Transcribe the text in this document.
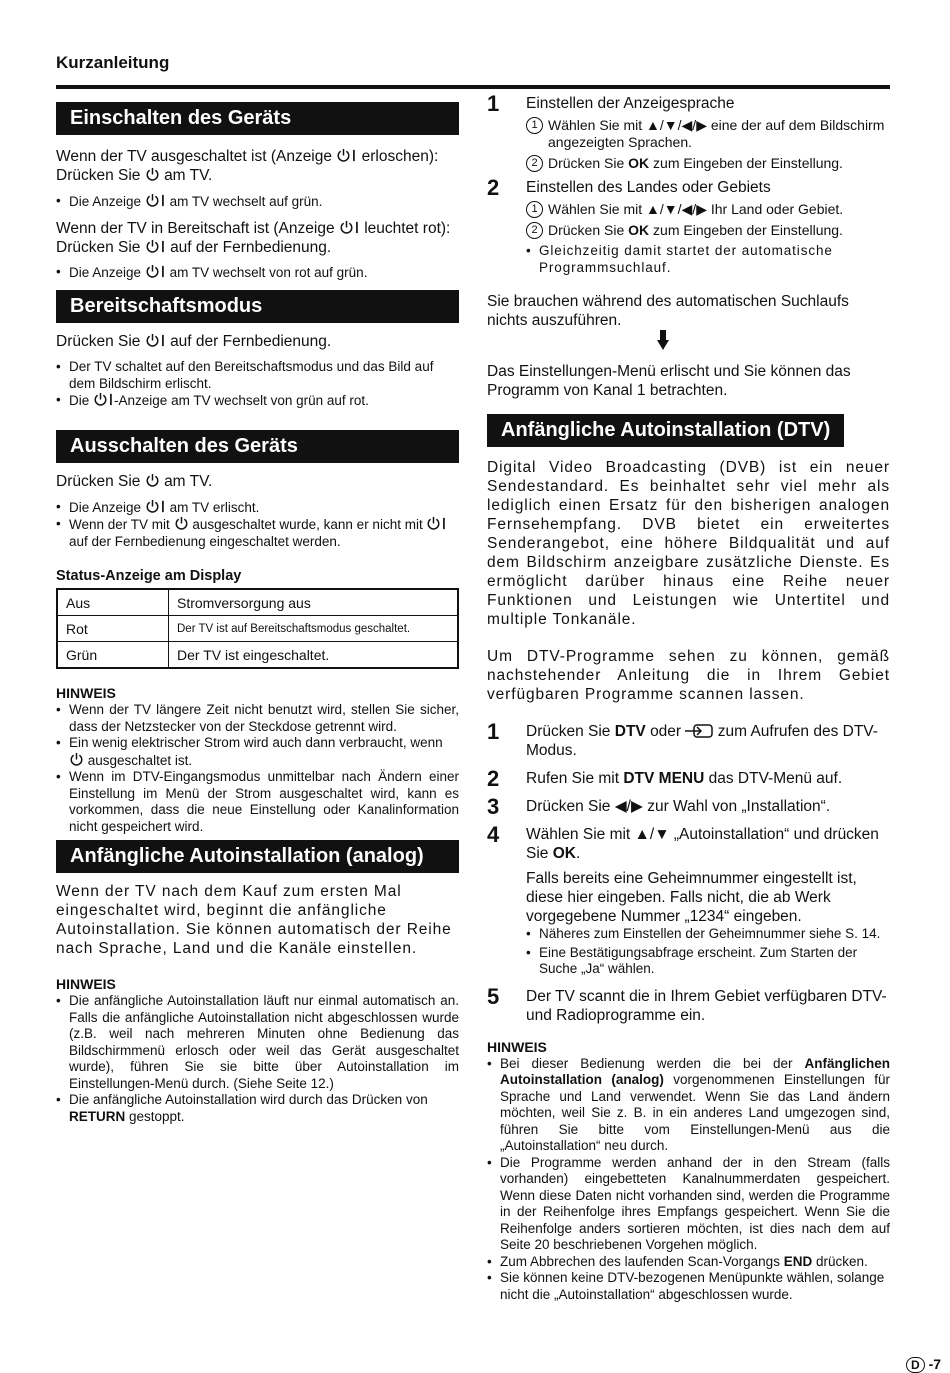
Kurzanleitung
Einschalten des Geräts

Wenn der TV ausgeschaltet ist (Anzeige erloschen):
Drücken Sie am TV.

• Die Anzeige am TV wechselt auf grün.

Wenn der TV in Bereitschaft ist (Anzeige leuchtet rot):
Drücken Sie auf der Fernbedienung.

• Die Anzeige am TV wechselt von rot auf grün.
Bereitschaftsmodus

Drücken Sie auf der Fernbedienung.

• Der TV schaltet auf den Bereitschaftsmodus und das Bild auf dem Bildschirm erlischt.
• Die -Anzeige am TV wechselt von grün auf rot.
Ausschalten des Geräts

Drücken Sie am TV.

• Die Anzeige am TV erlischt.
• Wenn der TV mit ausgeschaltet wurde, kann er nicht mit  auf der Fernbedienung eingeschaltet werden.
Status-Anzeige am Display
Aus	Stromversorgung aus
Rot	Der TV ist auf Bereitschaftsmodus geschaltet.
Grün	Der TV ist eingeschaltet.
HINWEIS
• Wenn der TV längere Zeit nicht benutzt wird, stellen Sie sicher, dass der Netzstecker von der Steckdose getrennt wird.
• Ein wenig elektrischer Strom wird auch dann verbraucht, wenn  ausgeschaltet ist.
• Wenn im DTV-Eingangsmodus unmittelbar nach Ändern einer Einstellung im Menü der Strom ausgeschaltet wird, kann es vorkommen, dass die neue Einstellung oder Kanalinformation nicht gespeichert wird.
Anfängliche Autoinstallation (analog)

Wenn der TV nach dem Kauf zum ersten Mal eingeschaltet wird, beginnt die anfängliche Autoinstallation. Sie können automatisch der Reihe nach Sprache, Land und die Kanäle einstellen.

HINWEIS
• Die anfängliche Autoinstallation läuft nur einmal automatisch an. Falls die anfängliche Autoinstallation nicht abgeschlossen wurde (z.B. weil nach mehreren Minuten ohne Bedienung das Bildschirmmenü erlosch oder weil das Gerät ausgeschaltet wurde), führen Sie sie bitte über Autoinstallation im Einstellungen-Menü durch. (Siehe Seite 12.)
• Die anfängliche Autoinstallation wird durch das Drücken von RETURN gestoppt.
1 Einstellen der Anzeigesprache

1 Wählen Sie mit ▲/▼/◀/▶ eine der auf dem Bildschirm angezeigten Sprachen.
2 Drücken Sie OK zum Eingeben der Einstellung.
2 Einstellen des Landes oder Gebiets

1 Wählen Sie mit ▲/▼/◀/▶ Ihr Land oder Gebiet.
2 Drücken Sie OK zum Eingeben der Einstellung.
• Gleichzeitig damit startet der automatische Programmsuchlauf.

Sie brauchen während des automatischen Suchlaufs nichts auszuführen.

Das Einstellungen-Menü erlischt und Sie können das Programm von Kanal 1 betrachten.

Anfängliche Autoinstallation (DTV)

Digital Video Broadcasting (DVB) ist ein neuer Sendestandard. Es beinhaltet sehr viel mehr als lediglich einen Ersatz für den bisherigen analogen Fernsehempfang. DVB bietet ein erweitertes Senderangebot, eine höhere Bildqualität und auf dem Bildschirm anzeigbare zusätzliche Dienste. Es ermöglicht darüber hinaus eine Reihe neuer Funktionen und Leistungen wie Untertitel und multiple Tonkanäle.

Um DTV-Programme sehen zu können, gemäß nachstehender Anleitung die in Ihrem Gebiet verfügbaren Programme scannen lassen.

1 Drücken Sie DTV oder zum Aufrufen des DTV-Modus.

2 Rufen Sie mit DTV MENU das DTV-Menü auf.

3 Drücken Sie ◀/▶ zur Wahl von „Installation“.

4 Wählen Sie mit ▲/▼ „Autoinstallation“ und drücken Sie OK.

Falls bereits eine Geheimnummer eingestellt ist, diese hier eingeben. Falls nicht, die ab Werk vorgegebene Nummer „1234“ eingeben.

• Näheres zum Einstellen der Geheimnummer siehe S. 14.
• Eine Bestätigungsabfrage erscheint. Zum Starten der Suche „Ja“ wählen.
5 Der TV scannt die in Ihrem Gebiet verfügbaren DTV- und Radioprogramme ein.

HINWEIS
• Bei dieser Bedienung werden die bei der Anfänglichen Autoinstallation (analog) vorgenommenen Einstellungen für Sprache und Land verwendet. Wenn Sie das Land ändern möchten, weil Sie z. B. in ein anderes Land umgezogen sind, führen Sie bitte vom Einstellungen-Menü aus die „Autoinstallation“ neu durch.
• Die Programme werden anhand der in den Stream (falls vorhanden) eingebetteten Kanalnummerdaten gespeichert. Wenn diese Daten nicht vorhanden sind, werden die Programme in der Reihenfolge ihres Empfangs gespeichert. Wenn Sie die Reihenfolge anders sortieren möchten, ist dies nach dem auf Seite 20 beschriebenen Vorgehen möglich.
• Zum Abbrechen des laufenden Scan-Vorgangs END drücken.
• Sie können keine DTV-bezogenen Menüpunkte wählen, solange nicht die „Autoinstallation“ abgeschlossen wurde.
D -7
